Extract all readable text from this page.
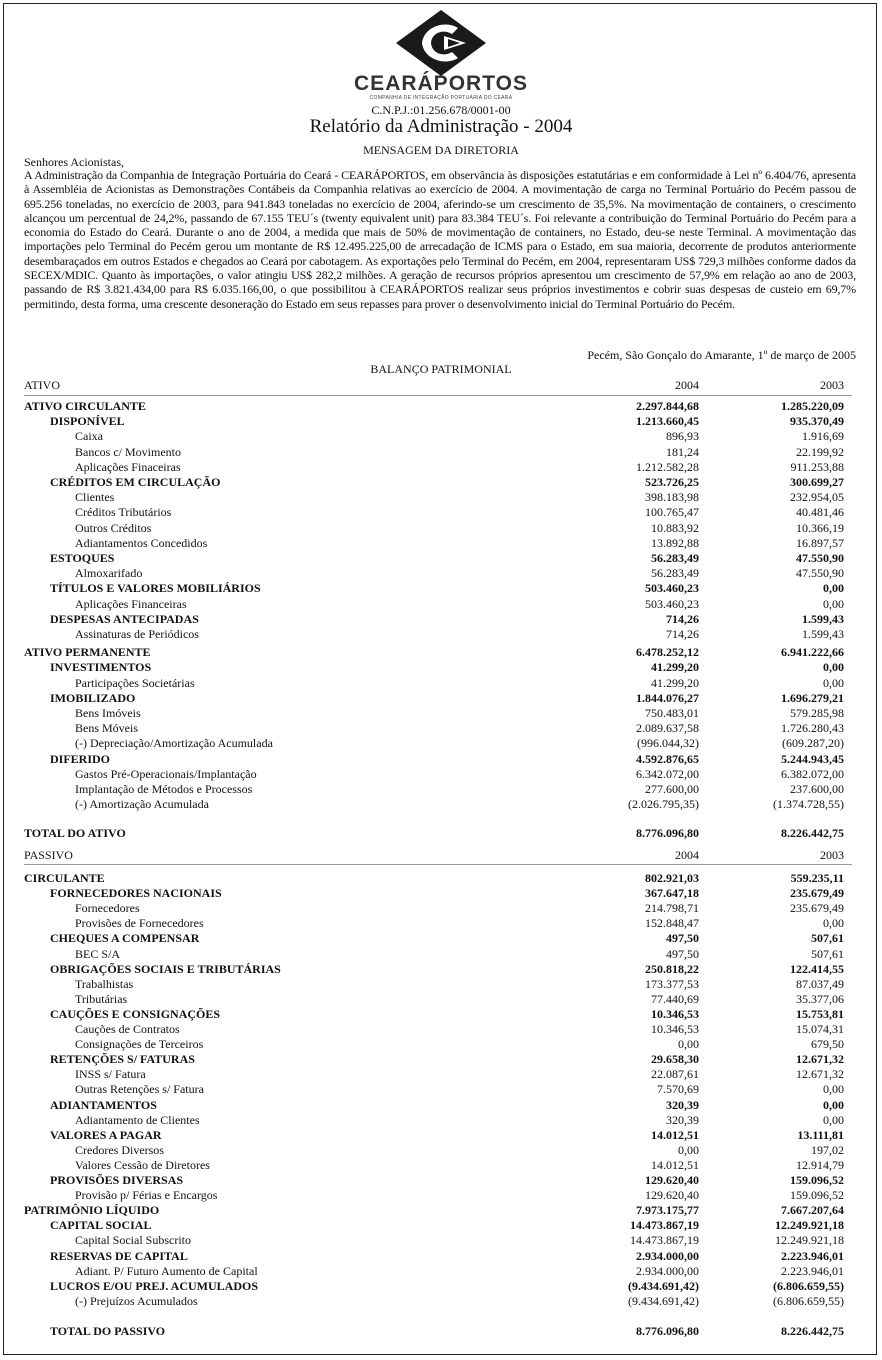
CEARÁPORTOS
COMPANHIA DE INTEGRAÇÃO PORTUÁRIA DO CEARÁ
C.N.P.J.:01.256.678/0001-00
Relatório da Administração - 2004
MENSAGEM DA DIRETORIA
Senhores Acionistas,
A Administração da Companhia de Integração Portuária do Ceará - CEARÁPORTOS, em observância às disposições estatutárias e em conformidade à Lei nº 6.404/76, apresenta à Assembléia de Acionistas as Demonstrações Contábeis da Companhia relativas ao exercício de 2004. A movimentação de carga no Terminal Portuário do Pecém passou de 695.256 toneladas, no exercício de 2003, para 941.843 toneladas no exercício de 2004, aferindo-se um crescimento de 35,5%. Na movimentação de containers, o crescimento alcançou um percentual de 24,2%, passando de 67.155 TEU´s (twenty equivalent unit) para 83.384 TEU´s. Foi relevante a contribuição do Terminal Portuário do Pecém para a economia do Estado do Ceará. Durante o ano de 2004, a medida que mais de 50% de movimentação de containers, no Estado, deu-se neste Terminal. A movimentação das importações pelo Terminal do Pecém gerou um montante de R$ 12.495.225,00 de arrecadação de ICMS para o Estado, em sua maioria, decorrente de produtos anteriormente desembaraçados em outros Estados e chegados ao Ceará por cabotagem. As exportações pelo Terminal do Pecém, em 2004, representaram US$ 729,3 milhões conforme dados da SECEX/MDIC. Quanto às importações, o valor atingiu US$ 282,2 milhões. A geração de recursos próprios apresentou um crescimento de 57,9% em relação ao ano de 2003, passando de R$ 3.821.434,00 para R$ 6.035.166,00, o que possibilitou à CEARÁPORTOS realizar seus próprios investimentos e cobrir suas despesas de custeio em 69,7% permitindo, desta forma, uma crescente desoneração do Estado em seus repasses para prover o desenvolvimento inicial do Terminal Portuário do Pecém.
Pecém, São Gonçalo do Amarante, 1º de março de 2005
BALANÇO PATRIMONIAL
ATIVO	2004	2003
ATIVO CIRCULANTE	2.297.844,68	1.285.220,09
DISPONÍVEL	1.213.660,45	935.370,49
Caixa	896,93	1.916,69
Bancos c/ Movimento	181,24	22.199,92
Aplicações Finaceiras	1.212.582,28	911.253,88
CRÉDITOS EM CIRCULAÇÃO	523.726,25	300.699,27
Clientes	398.183,98	232.954,05
Créditos Tributários	100.765,47	40.481,46
Outros Créditos	10.883,92	10.366,19
Adiantamentos Concedidos	13.892,88	16.897,57
ESTOQUES	56.283,49	47.550,90
Almoxarifado	56.283,49	47.550,90
TÍTULOS E VALORES MOBILIÁRIOS	503.460,23	0,00
Aplicações Financeiras	503.460,23	0,00
DESPESAS ANTECIPADAS	714,26	1.599,43
Assinaturas de Periódicos	714,26	1.599,43
ATIVO PERMANENTE	6.478.252,12	6.941.222,66
INVESTIMENTOS	41.299,20	0,00
Participações Societárias	41.299,20	0,00
IMOBILIZADO	1.844.076,27	1.696.279,21
Bens Imóveis	750.483,01	579.285,98
Bens Móveis	2.089.637,58	1.726.280,43
(-) Depreciação/Amortização Acumulada	(996.044,32)	(609.287,20)
DIFERIDO	4.592.876,65	5.244.943,45
Gastos Pré-Operacionais/Implantação	6.342.072,00	6.382.072,00
Implantação de Métodos e Processos	277.600,00	237.600,00
(-) Amortização Acumulada	(2.026.795,35)	(1.374.728,55)
TOTAL DO ATIVO	8.776.096,80	8.226.442,75
PASSIVO	2004	2003
CIRCULANTE	802.921,03	559.235,11
FORNECEDORES NACIONAIS	367.647,18	235.679,49
Fornecedores	214.798,71	235.679,49
Provisões de Fornecedores	152.848,47	0,00
CHEQUES A COMPENSAR	497,50	507,61
BEC S/A	497,50	507,61
OBRIGAÇÕES SOCIAIS E TRIBUTÁRIAS	250.818,22	122.414,55
Trabalhistas	173.377,53	87.037,49
Tributárias	77.440,69	35.377,06
CAUÇÕES E CONSIGNAÇÕES	10.346,53	15.753,81
Cauções de Contratos	10.346,53	15.074,31
Consignações de Terceiros	0,00	679,50
RETENÇÕES S/ FATURAS	29.658,30	12.671,32
INSS s/ Fatura	22.087,61	12.671,32
Outras Retenções s/ Fatura	7.570,69	0,00
ADIANTAMENTOS	320,39	0,00
Adiantamento de Clientes	320,39	0,00
VALORES A PAGAR	14.012,51	13.111,81
Credores Diversos	0,00	197,02
Valores Cessão de Diretores	14.012,51	12.914,79
PROVISÕES DIVERSAS	129.620,40	159.096,52
Provisão p/ Férias e Encargos	129.620,40	159.096,52
PATRIMÔNIO LÍQUIDO	7.973.175,77	7.667.207,64
CAPITAL SOCIAL	14.473.867,19	12.249.921,18
Capital Social Subscrito	14.473.867,19	12.249.921,18
RESERVAS DE CAPITAL	2.934.000,00	2.223.946,01
Adiant. P/ Futuro Aumento de Capital	2.934.000,00	2.223.946,01
LUCROS E/OU PREJ. ACUMULADOS	(9.434.691,42)	(6.806.659,55)
(-) Prejuízos Acumulados	(9.434.691,42)	(6.806.659,55)
TOTAL DO PASSIVO	8.776.096,80	8.226.442,75
